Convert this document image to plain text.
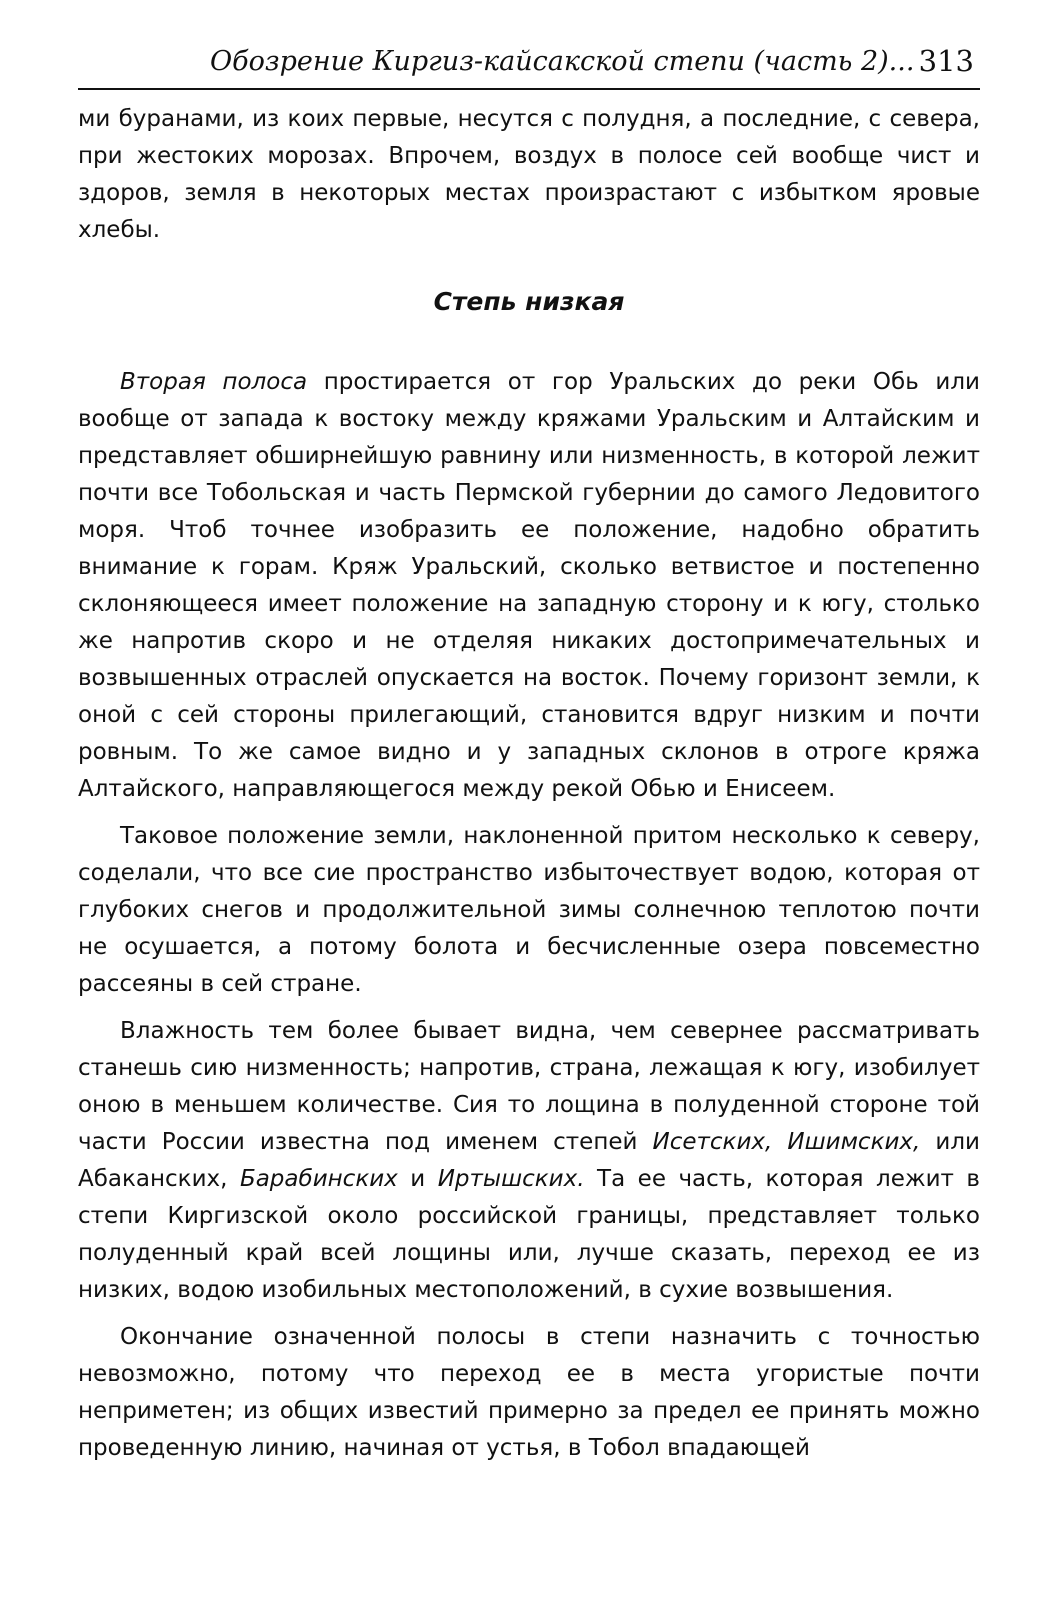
Обозрение Киргиз-кайсакской степи (часть 2)... 313

ми буранами, из коих первые, несутся с полудня, а последние, с севера, при жестоких морозах. Впрочем, воздух в полосе сей вообще чист и здоров, земля в некоторых местах произрастают с избытком яровые хлебы.

Степь низкая

Вторая полоса простирается от гор Уральских до реки Обь или вообще от запада к востоку между кряжами Уральским и Алтайским и представляет обширнейшую равнину или низменность, в которой лежит почти все Тобольская и часть Пермской губернии до самого Ледовитого моря. Чтоб точнее изобразить ее положение, надобно обратить внимание к горам. Кряж Уральский, сколько ветвистое и постепенно склоняющееся имеет положение на западную сторону и к югу, столько же напротив скоро и не отделяя никаких достопримечательных и возвышенных отраслей опускается на восток. Почему горизонт земли, к оной с сей стороны прилегающий, становится вдруг низким и почти ровным. То же самое видно и у западных склонов в отроге кряжа Алтайского, направляющегося между рекой Обью и Енисеем.

Таковое положение земли, наклоненной притом несколько к северу, соделали, что все сие пространство избыточествует водою, которая от глубоких снегов и продолжительной зимы солнечною теплотою почти не осушается, а потому болота и бесчисленные озера повсеместно рассеяны в сей стране.

Влажность тем более бывает видна, чем севернее рассматривать станешь сию низменность; напротив, страна, лежащая к югу, изобилует оною в меньшем количестве. Сия то лощина в полуденной стороне той части России известна под именем степей Исетских, Ишимских, или Абаканских, Барабинских и Иртышских. Та ее часть, которая лежит в степи Киргизской около российской границы, представляет только полуденный край всей лощины или, лучше сказать, переход ее из низких, водою изобильных местоположений, в сухие возвышения.

Окончание означенной полосы в степи назначить с точностью невозможно, потому что переход ее в места угористые почти неприметен; из общих известий примерно за предел ее принять можно проведенную линию, начиная от устья, в Тобол впадающей
